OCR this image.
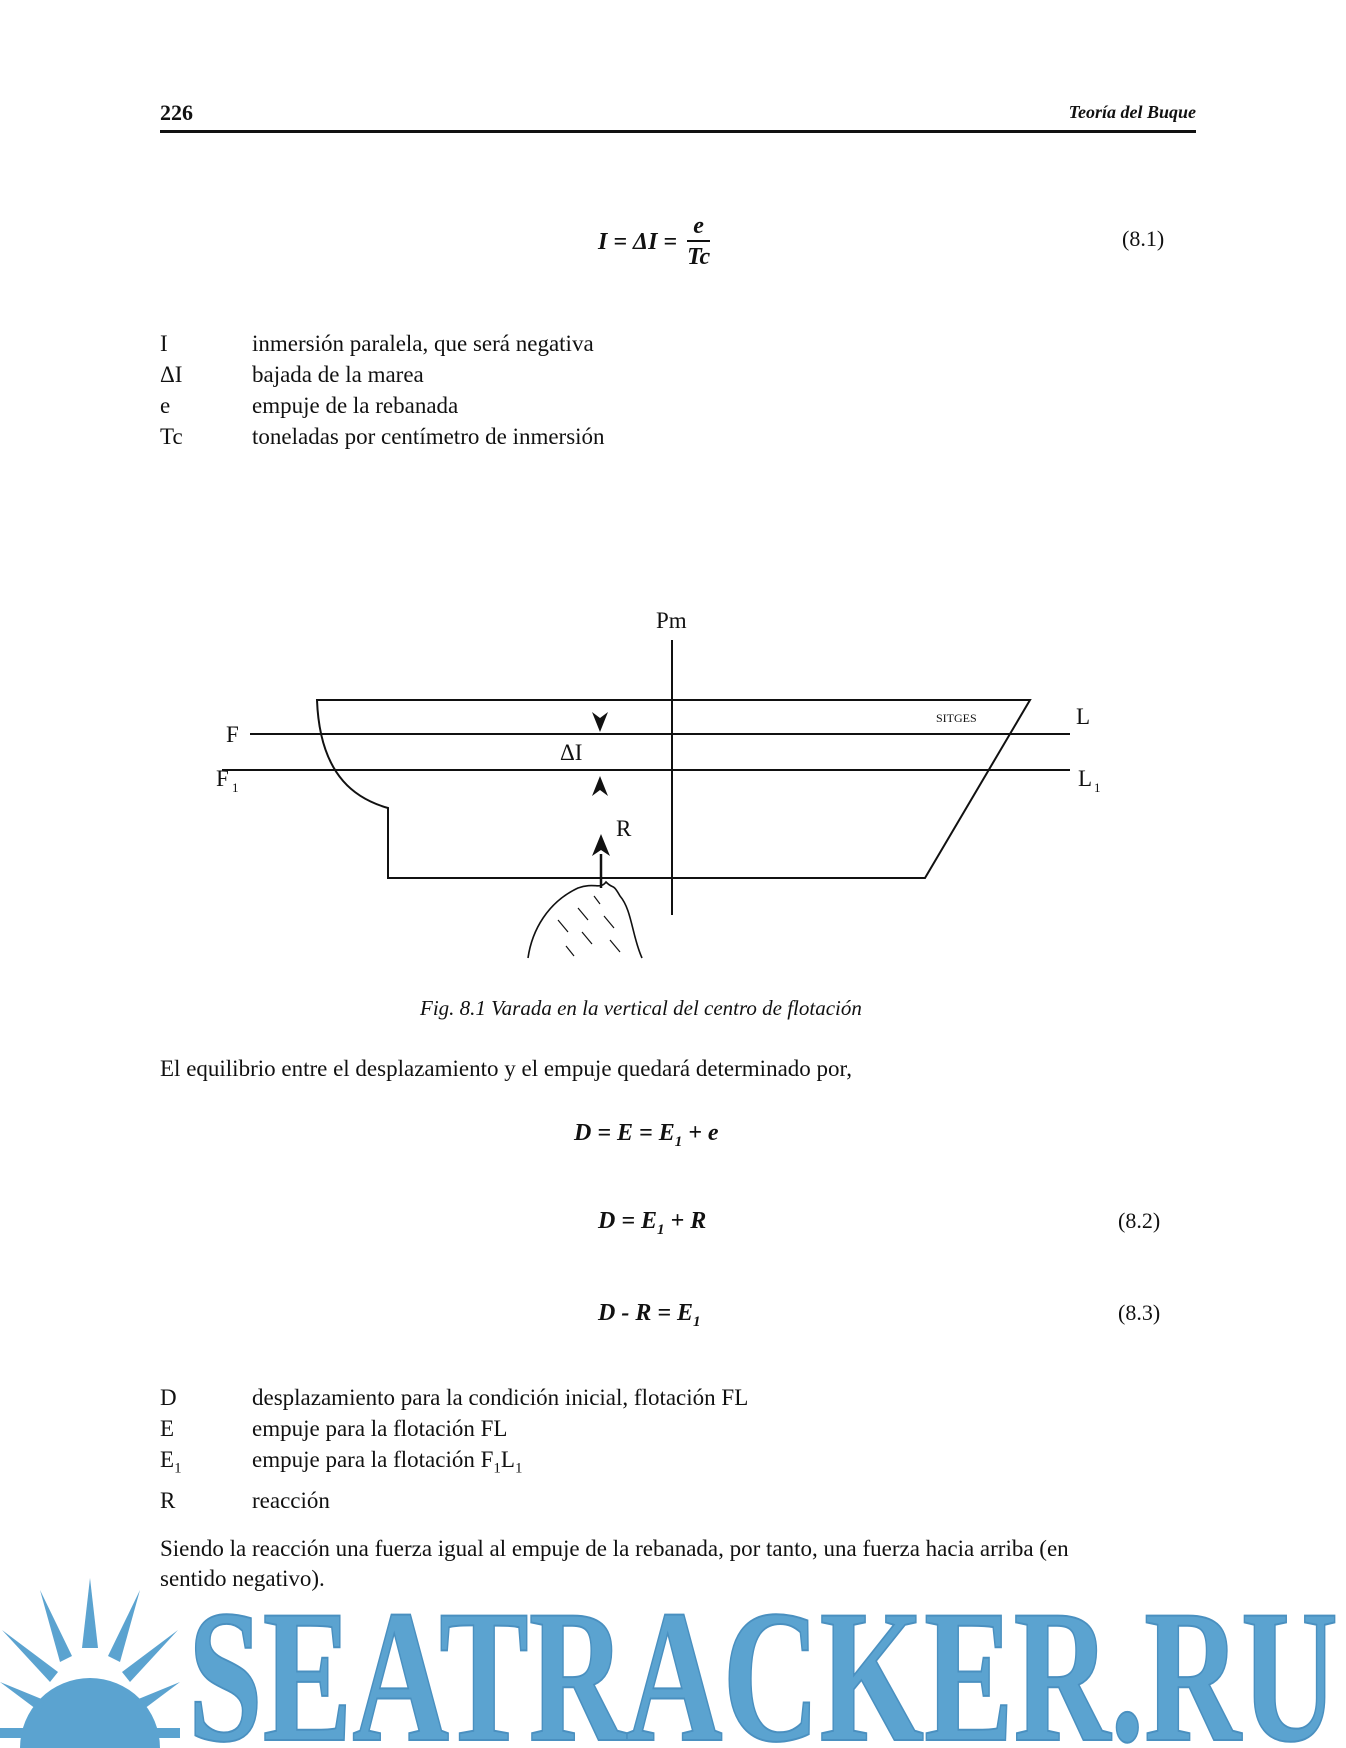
226	Teoría del Buque
$I = \Delta I = \frac{e}{Tc}$	(8.1)
I	inmersión paralela, que será negativa
ΔI	bajada de la marea
e	empuje de la rebanada
Tc	toneladas por centímetro de inmersión
Pm
F
L
F 1	L 1
ΔI
R
SITGES
Fig. 8.1 Varada en la vertical del centro de flotación
El equilibrio entre el desplazamiento y el empuje quedará determinado por,
$D = E = E_1 + e$
$D = E_1 + R$	(8.2)
$D - R = E_1$	(8.3)
D	desplazamiento para la condición inicial, flotación FL
E	empuje para la flotación FL
$E_1$	empuje para la flotación $F_1L_1$
R	reacción
Siendo la reacción una fuerza igual al empuje de la rebanada, por tanto, una fuerza hacia arriba (en
sentido negativo).
SEATRACKER.RU
